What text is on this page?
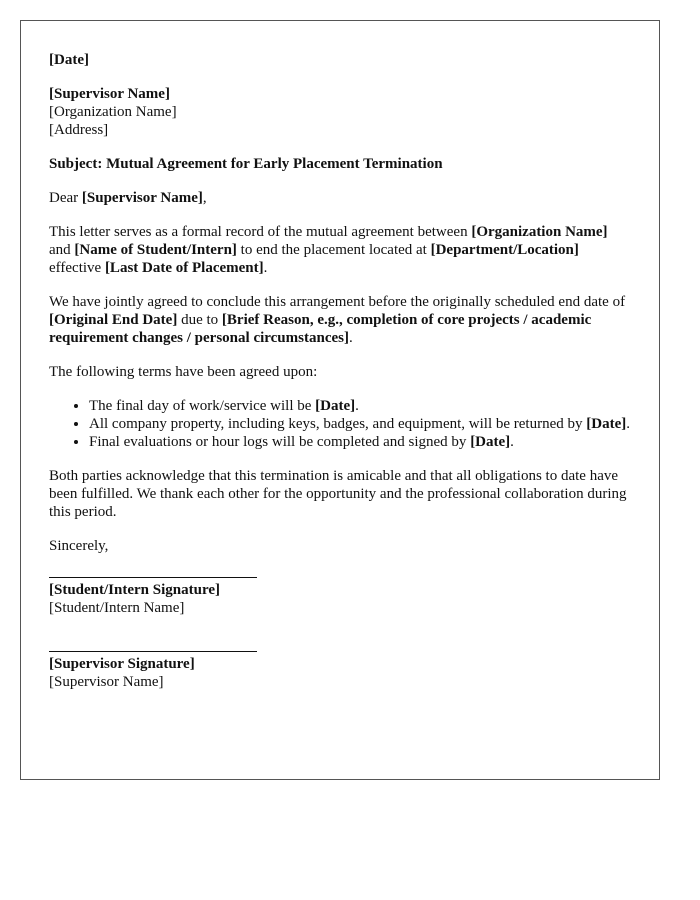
[Date]

[Supervisor Name]
[Organization Name]
[Address]

Subject: Mutual Agreement for Early Placement Termination

Dear [Supervisor Name],

This letter serves as a formal record of the mutual agreement between [Organization Name] and [Name of Student/Intern] to end the placement located at [Department/Location] effective [Last Date of Placement].

We have jointly agreed to conclude this arrangement before the originally scheduled end date of [Original End Date] due to [Brief Reason, e.g., completion of core projects / academic requirement changes / personal circumstances].

The following terms have been agreed upon:

• The final day of work/service will be [Date].
• All company property, including keys, badges, and equipment, will be returned by [Date].
• Final evaluations or hour logs will be completed and signed by [Date].

Both parties acknowledge that this termination is amicable and that all obligations to date have been fulfilled. We thank each other for the opportunity and the professional collaboration during this period.

Sincerely,

[Student/Intern Signature]
[Student/Intern Name]
[Supervisor Signature]
[Supervisor Name]
